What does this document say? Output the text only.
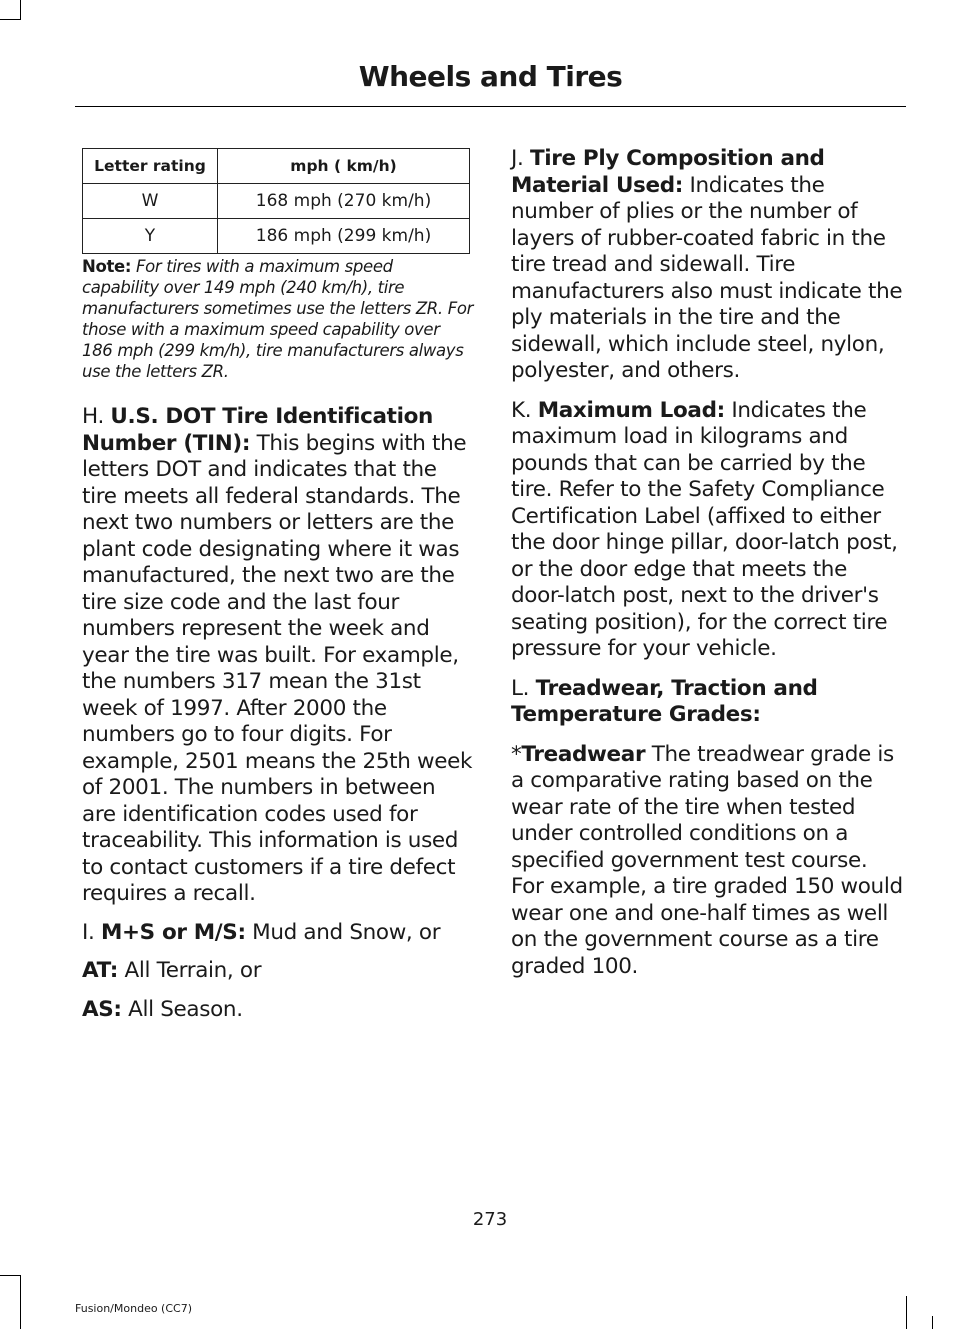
Wheels and Tires
Letter rating	mph ( km/h)
W	168 mph (270 km/h)
Y	186 mph (299 km/h)
Note: For tires with a maximum speed capability over 149 mph (240 km/h), tire manufacturers sometimes use the letters ZR. For those with a maximum speed capability over 186 mph (299 km/h), tire manufacturers always use the letters ZR.

H. U.S. DOT Tire Identification Number (TIN): This begins with the letters DOT and indicates that the tire meets all federal standards. The next two numbers or letters are the plant code designating where it was manufactured, the next two are the tire size code and the last four numbers represent the week and year the tire was built. For example, the numbers 317 mean the 31st week of 1997. After 2000 the numbers go to four digits. For example, 2501 means the 25th week of 2001. The numbers in between are identification codes used for traceability. This information is used to contact customers if a tire defect requires a recall.

I. M+S or M/S: Mud and Snow, or

AT: All Terrain, or

AS: All Season.

J. Tire Ply Composition and Material Used: Indicates the number of plies or the number of layers of rubber-coated fabric in the tire tread and sidewall. Tire manufacturers also must indicate the ply materials in the tire and the sidewall, which include steel, nylon, polyester, and others.

K. Maximum Load: Indicates the maximum load in kilograms and pounds that can be carried by the tire. Refer to the Safety Compliance Certification Label (affixed to either the door hinge pillar, door-latch post, or the door edge that meets the door-latch post, next to the driver's seating position), for the correct tire pressure for your vehicle.

L. Treadwear, Traction and Temperature Grades:

*Treadwear The treadwear grade is a comparative rating based on the wear rate of the tire when tested under controlled conditions on a specified government test course. For example, a tire graded 150 would wear one and one-half times as well on the government course as a tire graded 100.

273
Fusion/Mondeo (CC7)
